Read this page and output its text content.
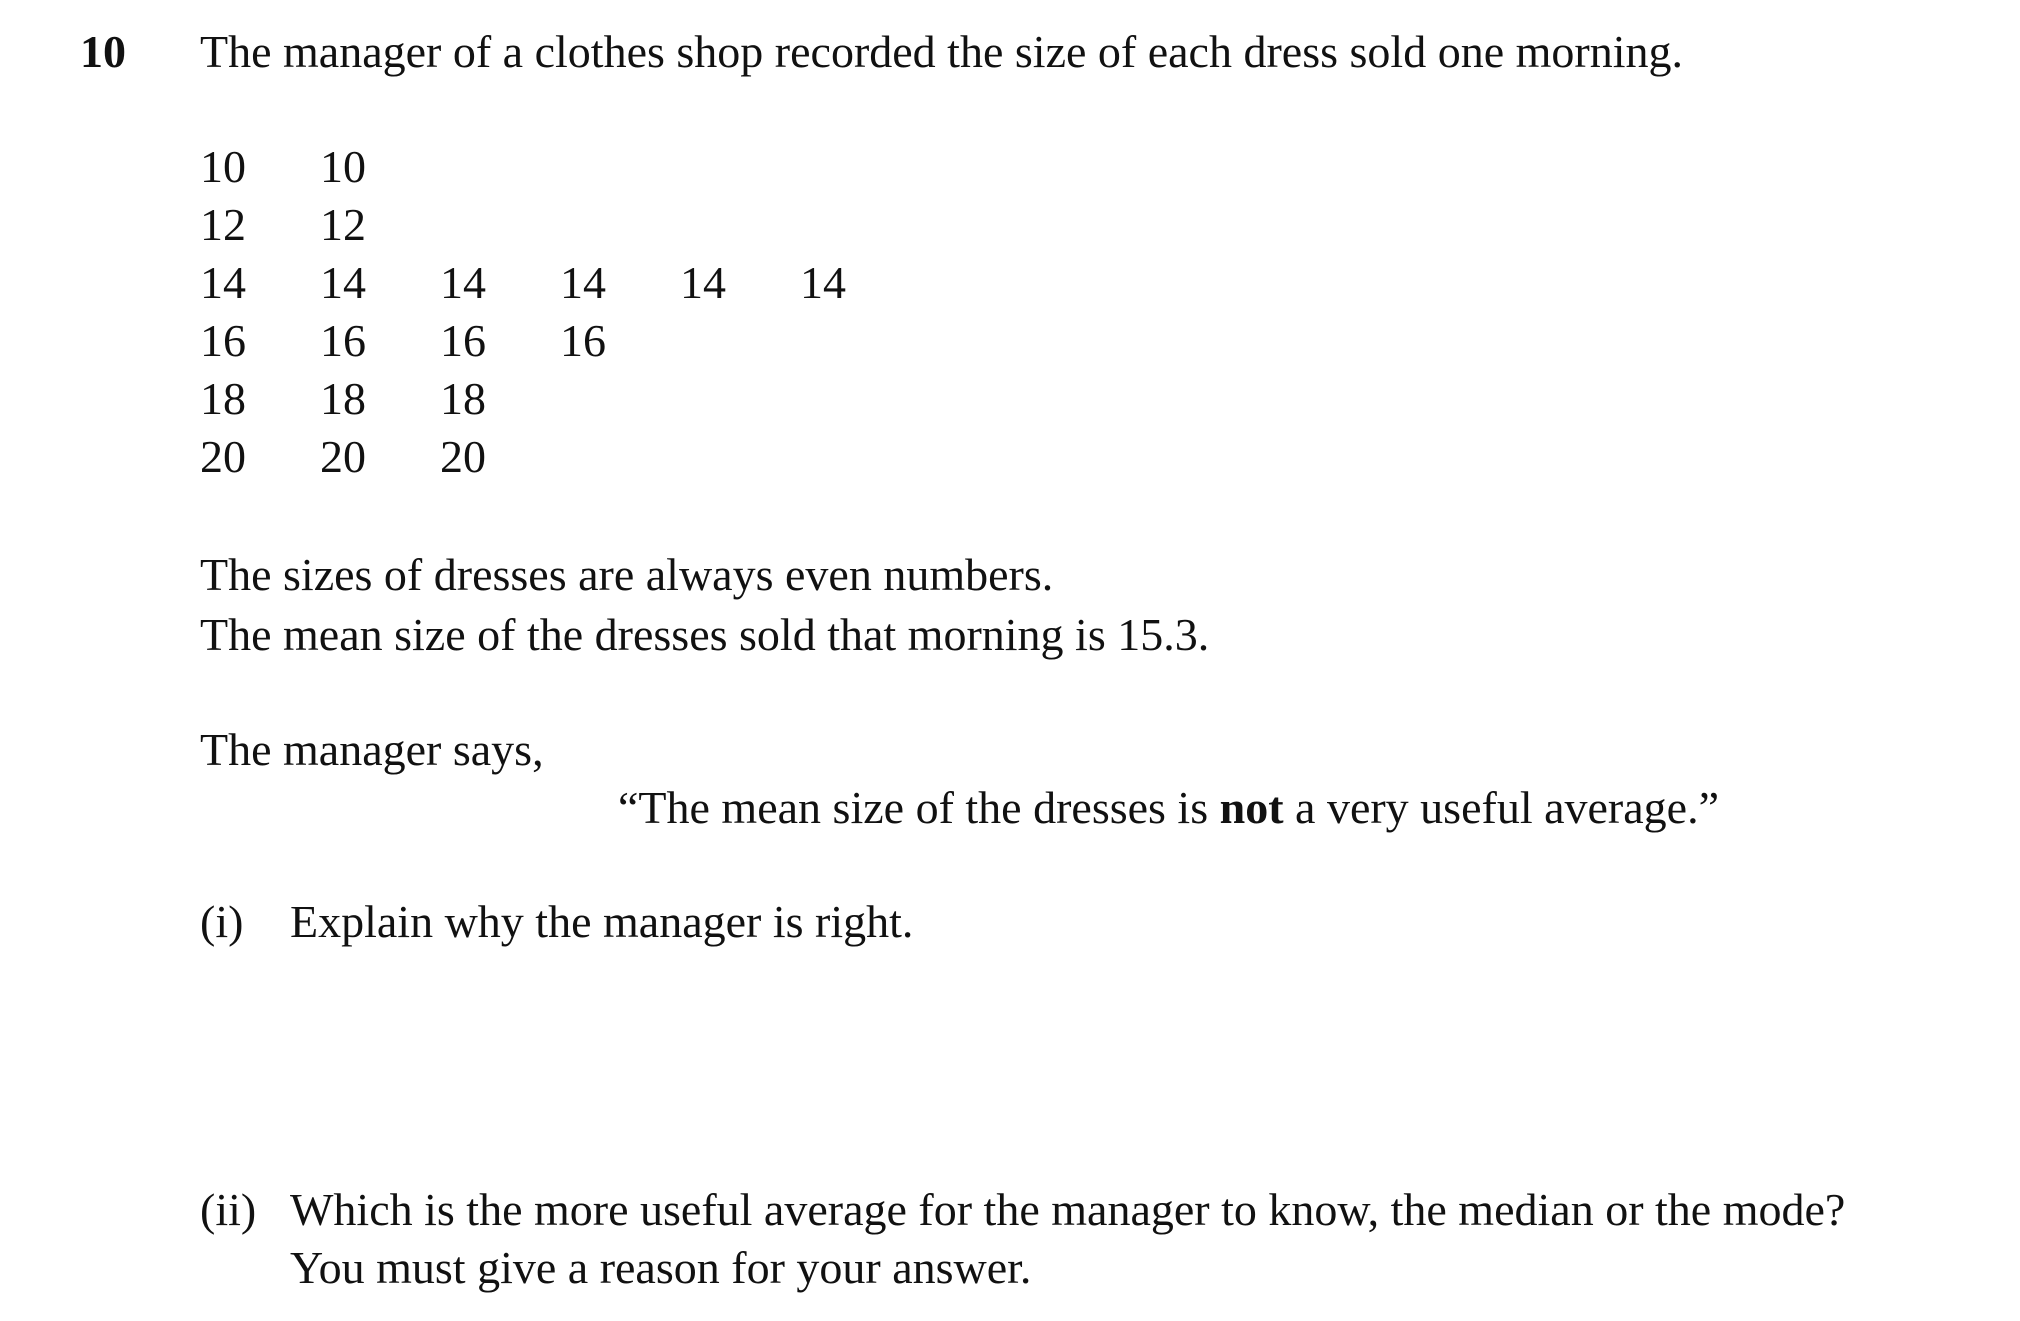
10 The manager of a clothes shop recorded the size of each dress sold one morning.
10	10
12	12
14	14	14	14	14	14
16	16	16	16
18	18	18
20	20	20
The sizes of dresses are always even numbers.
The mean size of the dresses sold that morning is 15.3.
The manager says,
“The mean size of the dresses is not a very useful average.”
(i) Explain why the manager is right.
(ii) Which is the more useful average for the manager to know, the median or the mode?
You must give a reason for your answer.
